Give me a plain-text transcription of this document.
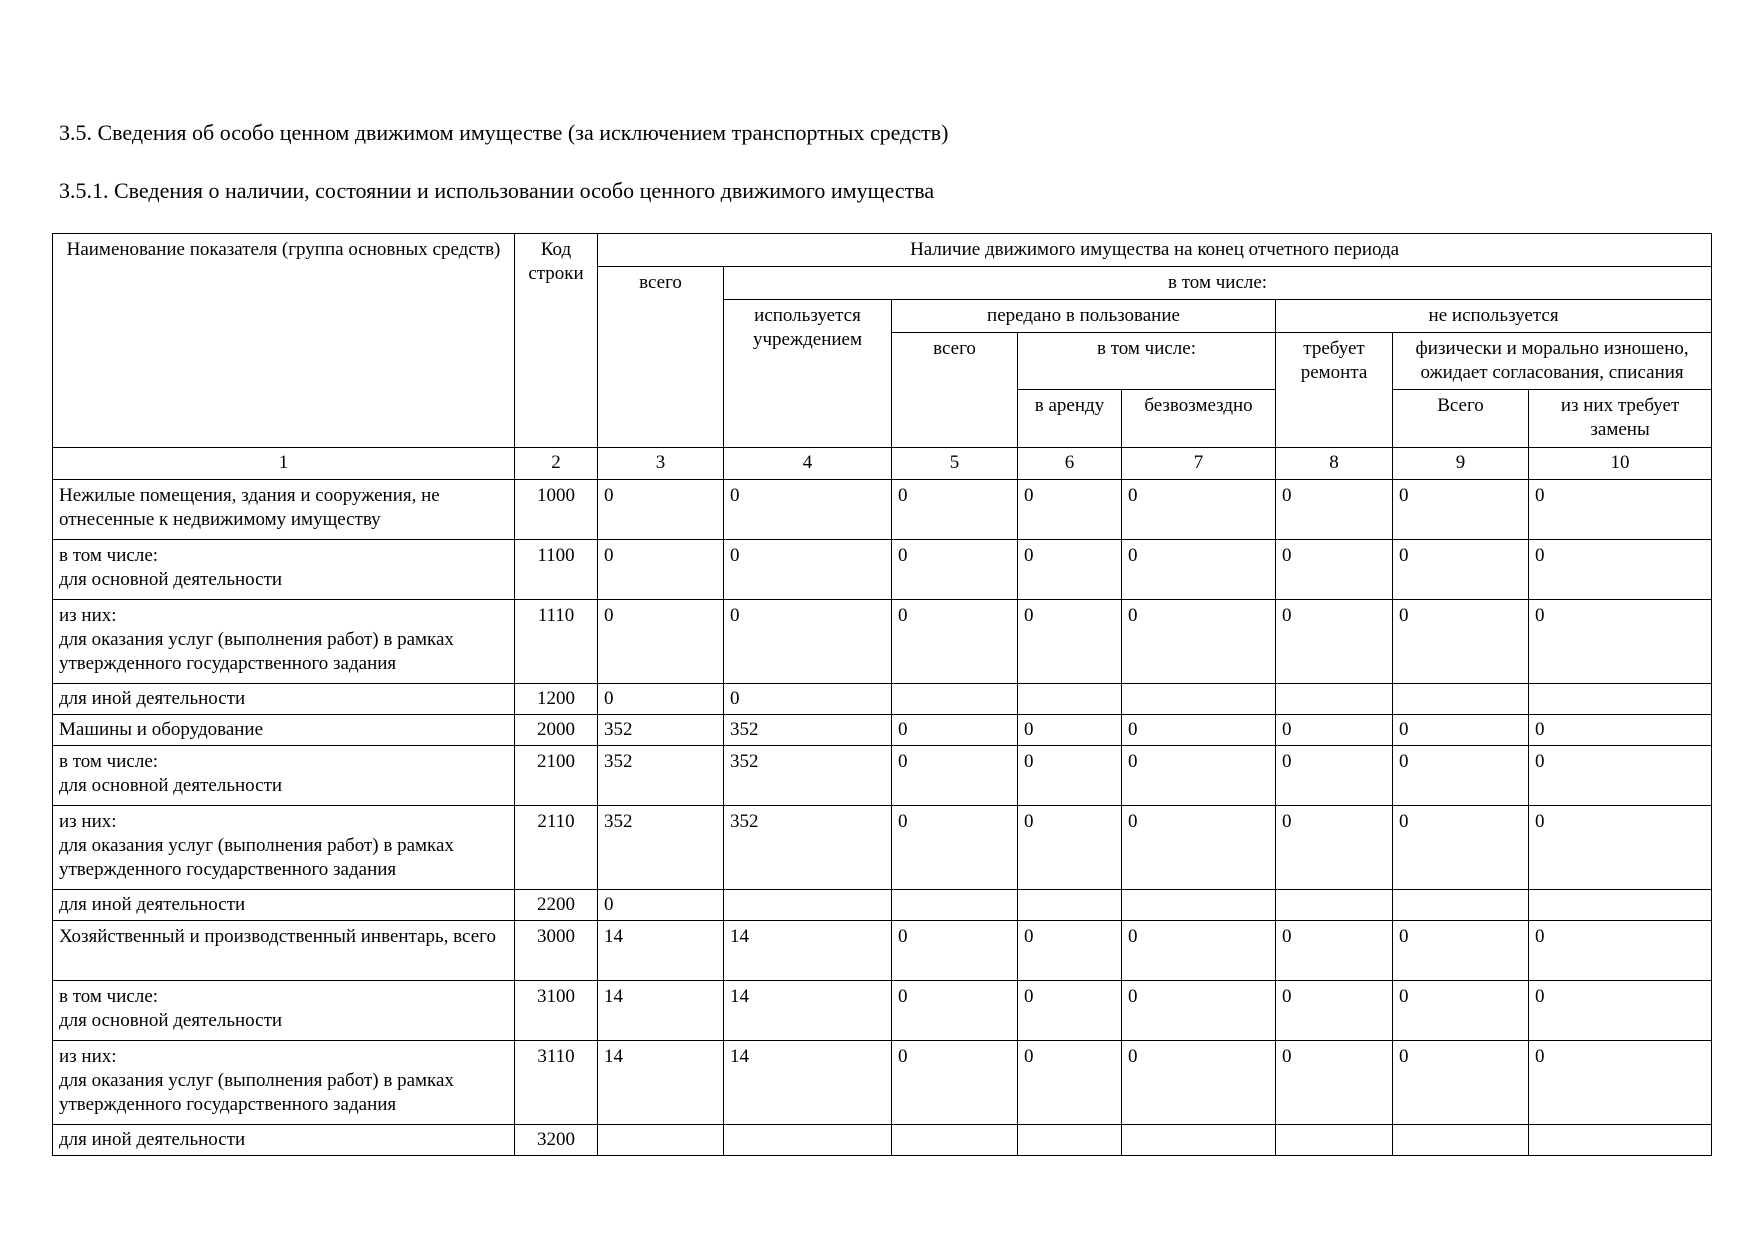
3.5. Сведения об особо ценном движимом имуществе (за исключением транспортных средств)
3.5.1. Сведения о наличии, состоянии и использовании особо ценного движимого имущества
Наименование показателя (группа основных средств)	Код строки	Наличие движимого имущества на конец отчетного периода							
		всего	в том числе:						
			используется учреждением	передано в пользование			не используется		
				всего	в том числе:		требует ремонта	физически и морально изношено, ожидает согласования, списания	
					в аренду	безвозмездно		Всего	из них требует замены
1	2	3	4	5	6	7	8	9	10
Нежилые помещения, здания и сооружения, не отнесенные к недвижимому имуществу	1000	0	0	0	0	0	0	0	0
в том числе:
для основной деятельности	1100	0	0	0	0	0	0	0	0
из них:
для оказания услуг (выполнения работ) в рамках утвержденного государственного задания	1110	0	0	0	0	0	0	0	0
для иной деятельности	1200	0	0						
Машины и оборудование	2000	352	352	0	0	0	0	0	0
в том числе:
для основной деятельности	2100	352	352	0	0	0	0	0	0
из них:
для оказания услуг (выполнения работ) в рамках утвержденного государственного задания	2110	352	352	0	0	0	0	0	0
для иной деятельности	2200	0							
Хозяйственный и производственный инвентарь, всего	3000	14	14	0	0	0	0	0	0
в том числе:
для основной деятельности	3100	14	14	0	0	0	0	0	0
из них:
для оказания услуг (выполнения работ) в рамках утвержденного государственного задания	3110	14	14	0	0	0	0	0	0
для иной деятельности	3200								
